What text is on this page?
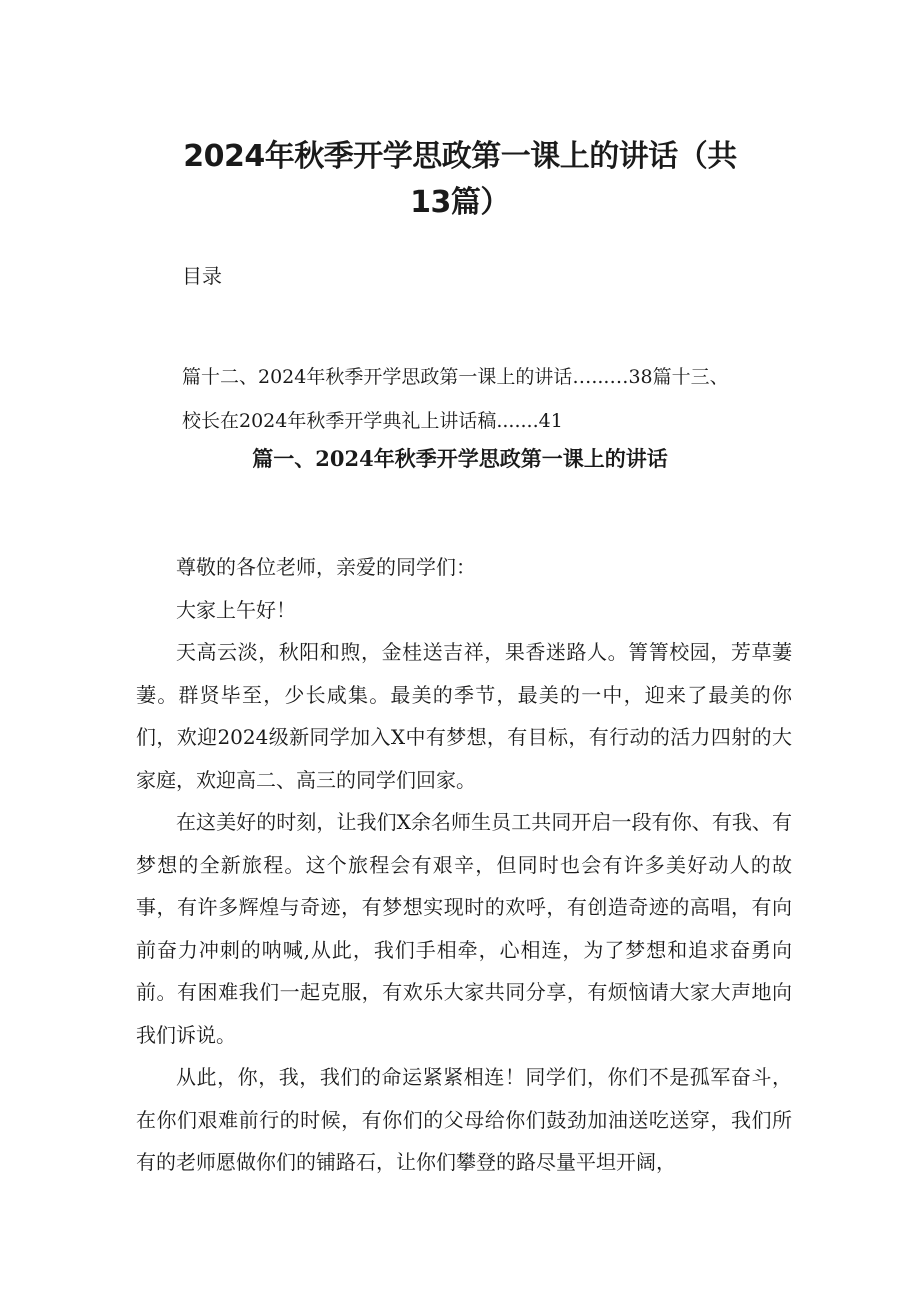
2024年秋季开学思政第一课上的讲话（共
13篇）
目录
篇十二、2024年秋季开学思政第一课上的讲话…...…38篇十三、
校长在2024年秋季开学典礼上讲话稿.......41
篇一、2024年秋季开学思政第一课上的讲话

尊敬的各位老师，亲爱的同学们：

大家上午好！

天高云淡，秋阳和煦，金桂送吉祥，果香迷路人。箐箐校园，芳草萋萋。群贤毕至，少长咸集。最美的季节，最美的一中，迎来了最美的你们，欢迎2024级新同学加入X中有梦想，有目标，有行动的活力四射的大家庭，欢迎高二、高三的同学们回家。

在这美好的时刻，让我们X余名师生员工共同开启一段有你、有我、有梦想的全新旅程。这个旅程会有艰辛，但同时也会有许多美好动人的故事，有许多辉煌与奇迹，有梦想实现时的欢呼，有创造奇迹的高唱，有向前奋力冲刺的呐喊,从此，我们手相牵，心相连，为了梦想和追求奋勇向前。有困难我们一起克服，有欢乐大家共同分享，有烦恼请大家大声地向我们诉说。

从此，你，我，我们的命运紧紧相连！同学们，你们不是孤军奋斗，在你们艰难前行的时候，有你们的父母给你们鼓劲加油送吃送穿，我们所有的老师愿做你们的铺路石，让你们攀登的路尽量平坦开阔，
